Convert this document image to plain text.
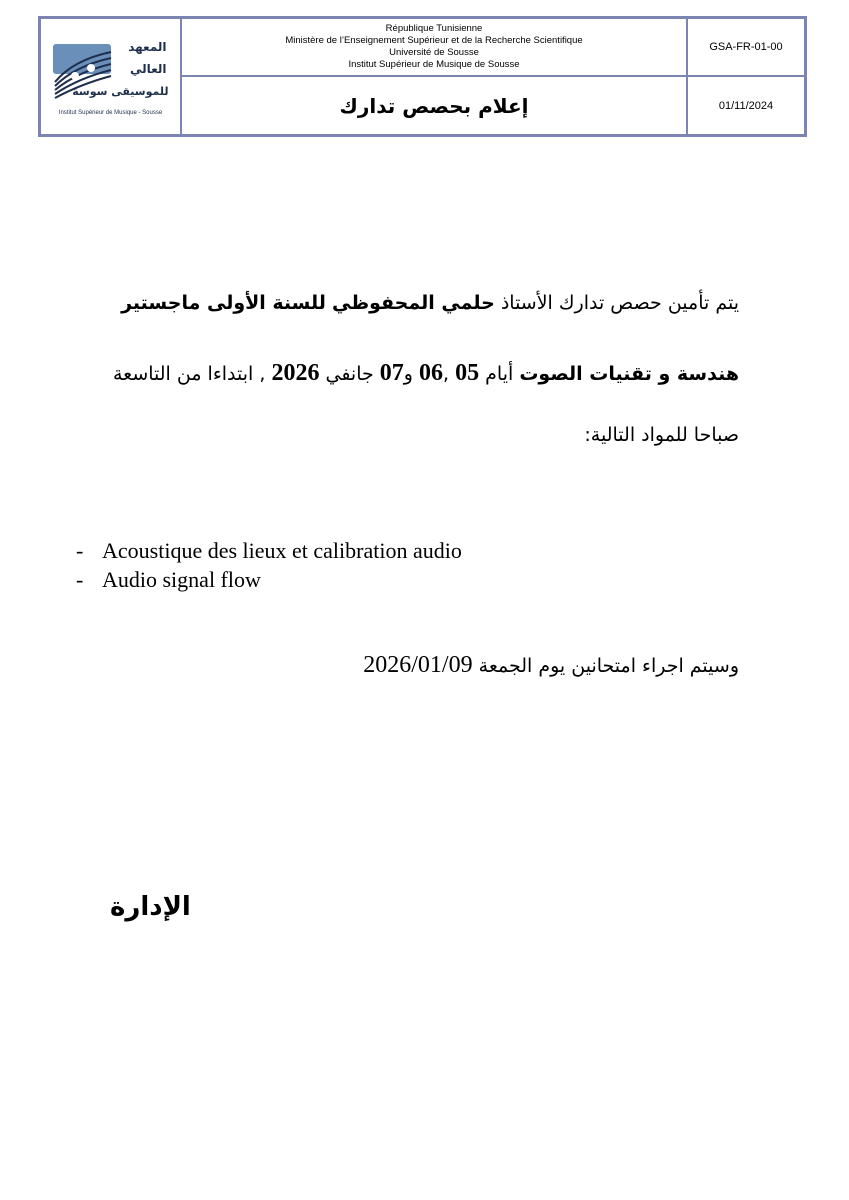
المعهد
العالي
للموسيقى سوسة
Institut Supérieur de Musique - Sousse
République Tunisienne
Ministère de l’Enseignement Supérieur et de la Recherche Scientifique
Université de Sousse
Institut Supérieur de Musique de Sousse
GSA-FR-01-00
إعلام بحصص تدارك	01/11/2024
يتم تأمين حصص تدارك الأستاذ حلمي المحفوظي للسنة الأولى ماجستير
هندسة و تقنيات الصوت أيام 05 ,06 و07 جانفي 2026 , ابتداءا من التاسعة
صباحا للمواد التالية:
- Acoustique des lieux et calibration audio
- Audio signal flow
وسيتم اجراء امتحانين يوم الجمعة 2026/01/09
الإدارة
